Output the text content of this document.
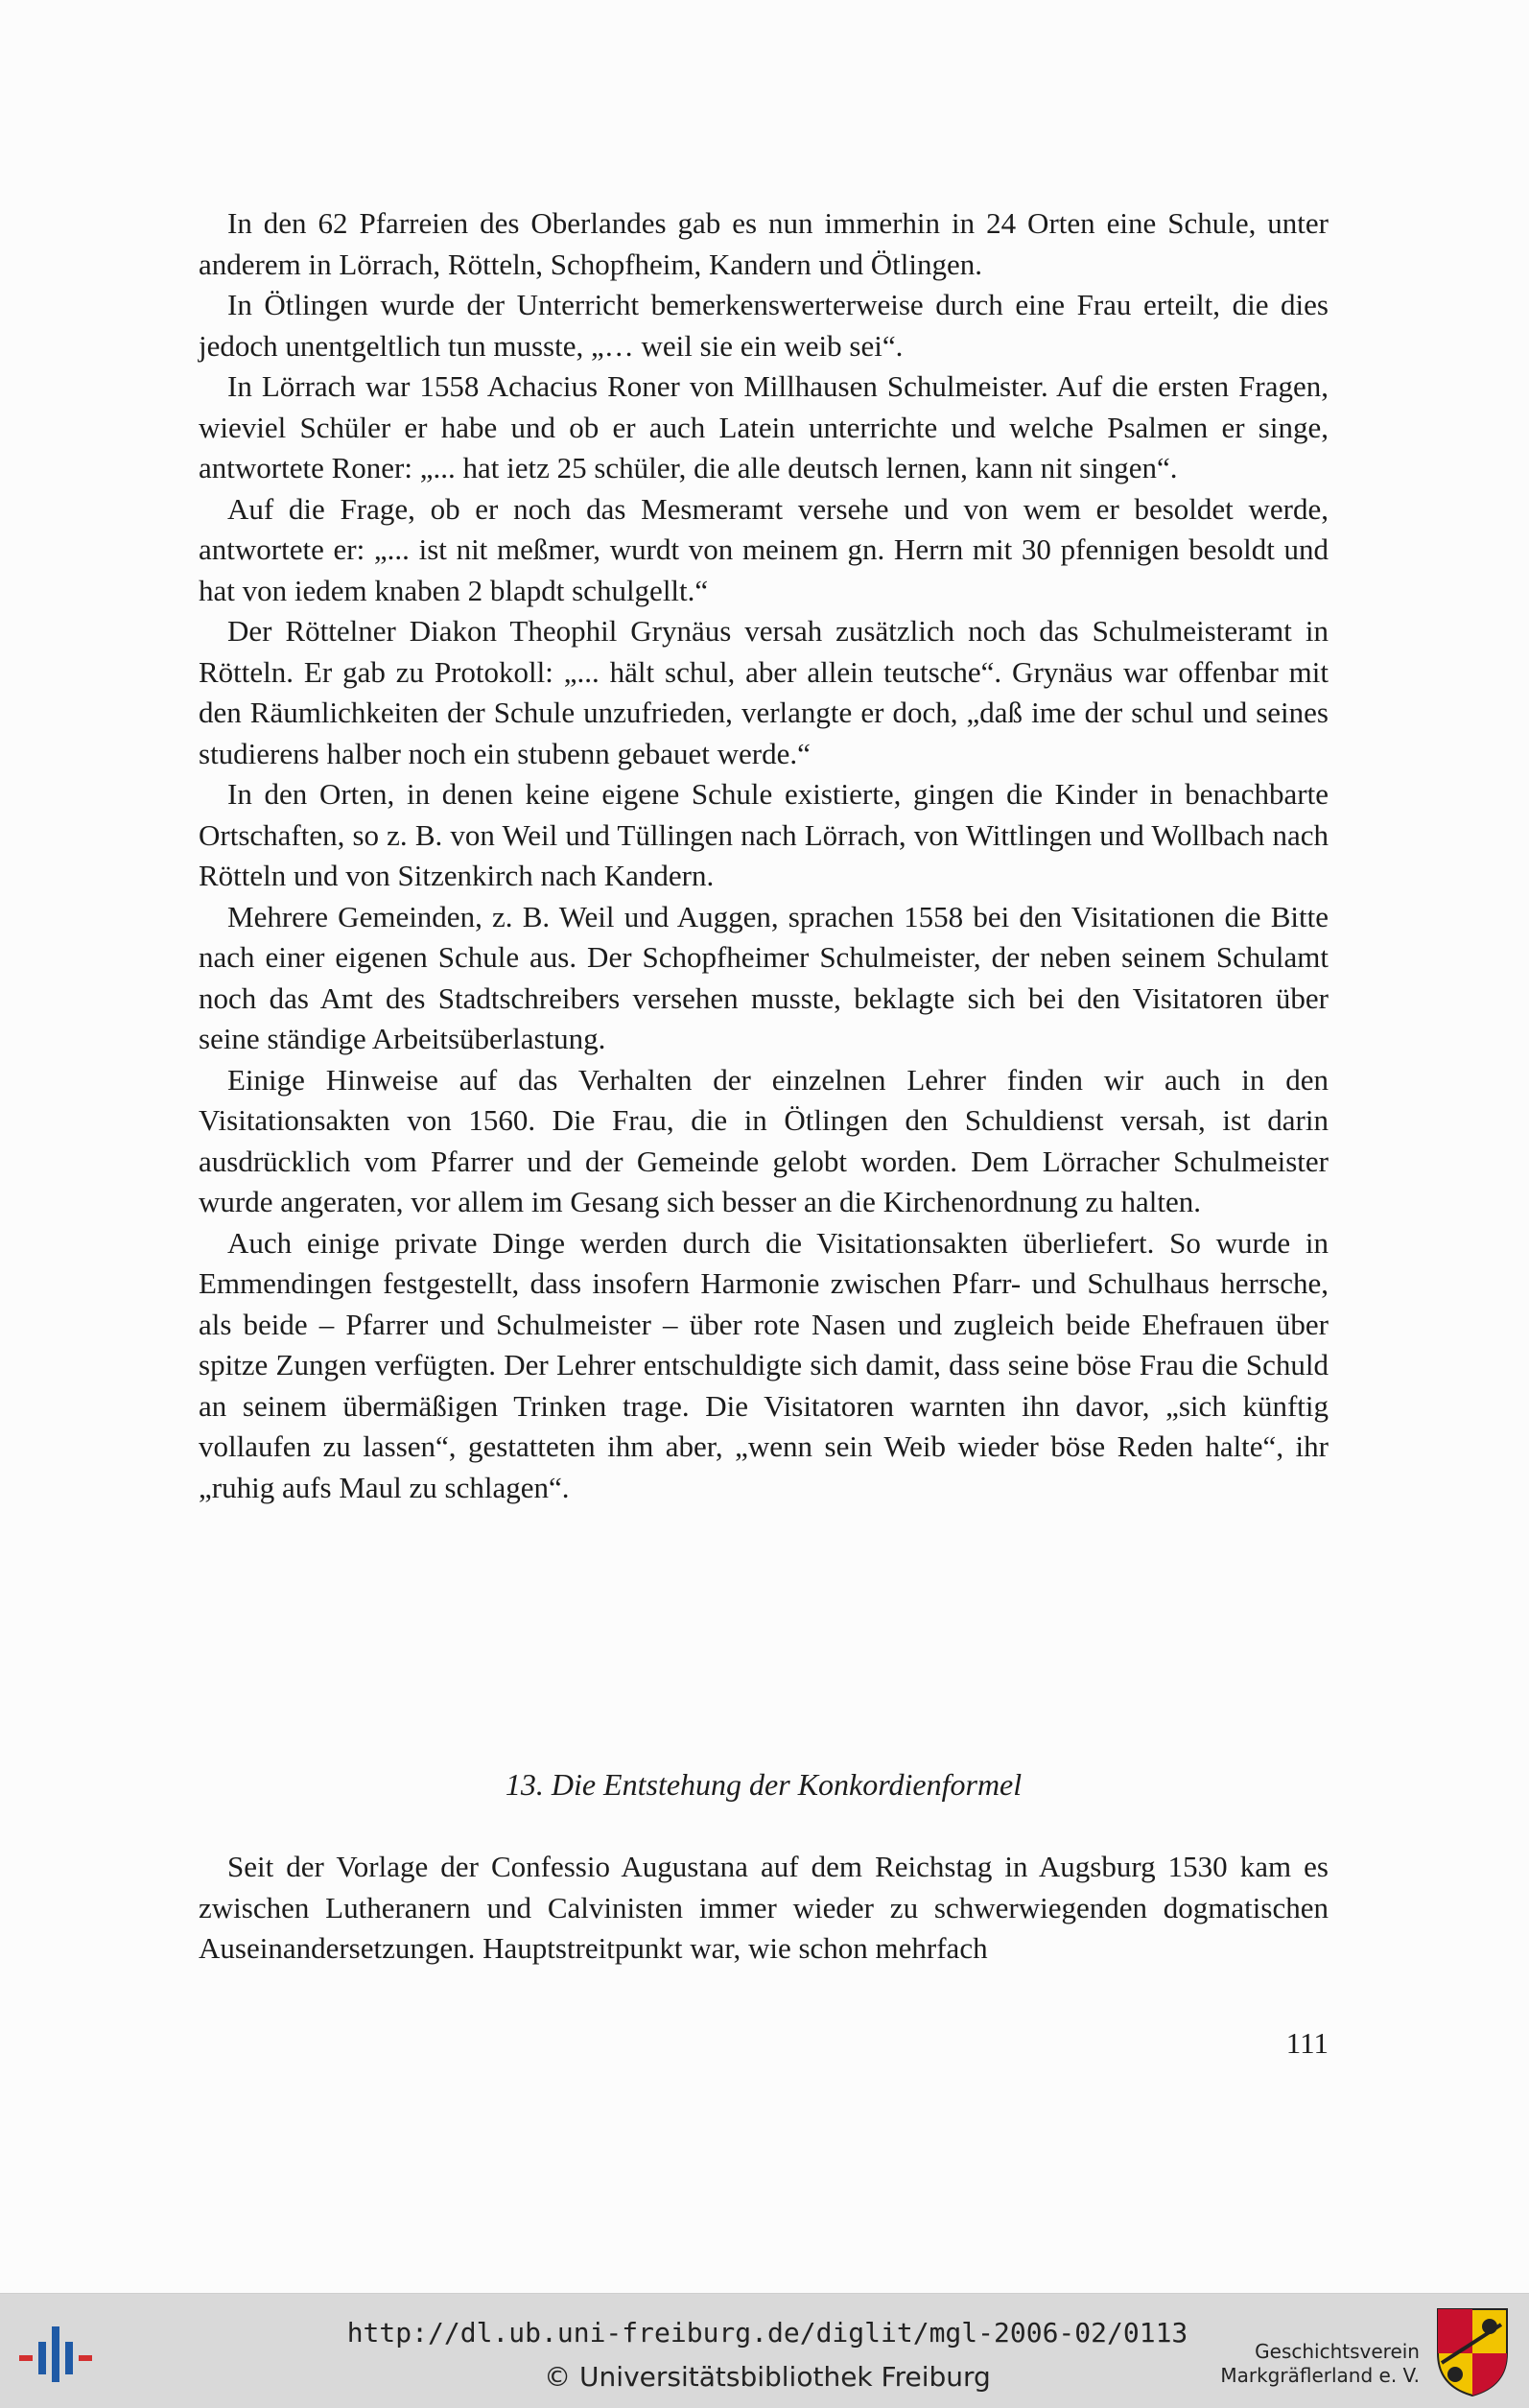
In den 62 Pfarreien des Oberlandes gab es nun immerhin in 24 Orten eine Schule, unter anderem in Lörrach, Rötteln, Schopfheim, Kandern und Ötlingen.

In Ötlingen wurde der Unterricht bemerkenswerterweise durch eine Frau erteilt, die dies jedoch unentgeltlich tun musste, „… weil sie ein weib sei“.

In Lörrach war 1558 Achacius Roner von Millhausen Schulmeister. Auf die ersten Fragen, wieviel Schüler er habe und ob er auch Latein unterrichte und welche Psalmen er singe, antwortete Roner: „... hat ietz 25 schüler, die alle deutsch lernen, kann nit singen“.

Auf die Frage, ob er noch das Mesmeramt versehe und von wem er besoldet werde, antwortete er: „... ist nit meßmer, wurdt von meinem gn. Herrn mit 30 pfennigen besoldt und hat von iedem knaben 2 blapdt schulgellt.“

Der Röttelner Diakon Theophil Grynäus versah zusätzlich noch das Schulmeisteramt in Rötteln. Er gab zu Protokoll: „... hält schul, aber allein teutsche“. Grynäus war offenbar mit den Räumlichkeiten der Schule unzufrieden, verlangte er doch, „daß ime der schul und seines studierens halber noch ein stubenn gebauet werde.“

In den Orten, in denen keine eigene Schule existierte, gingen die Kinder in benachbarte Ortschaften, so z. B. von Weil und Tüllingen nach Lörrach, von Wittlingen und Wollbach nach Rötteln und von Sitzenkirch nach Kandern.

Mehrere Gemeinden, z. B. Weil und Auggen, sprachen 1558 bei den Visitationen die Bitte nach einer eigenen Schule aus. Der Schopfheimer Schulmeister, der neben seinem Schulamt noch das Amt des Stadtschreibers versehen musste, beklagte sich bei den Visitatoren über seine ständige Arbeitsüberlastung.

Einige Hinweise auf das Verhalten der einzelnen Lehrer finden wir auch in den Visitationsakten von 1560. Die Frau, die in Ötlingen den Schuldienst versah, ist darin ausdrücklich vom Pfarrer und der Gemeinde gelobt worden. Dem Lörracher Schulmeister wurde angeraten, vor allem im Gesang sich besser an die Kirchenordnung zu halten.

Auch einige private Dinge werden durch die Visitationsakten überliefert. So wurde in Emmendingen festgestellt, dass insofern Harmonie zwischen Pfarr- und Schulhaus herrsche, als beide – Pfarrer und Schulmeister – über rote Nasen und zugleich beide Ehefrauen über spitze Zungen verfügten. Der Lehrer entschuldigte sich damit, dass seine böse Frau die Schuld an seinem übermäßigen Trinken trage. Die Visitatoren warnten ihn davor, „sich künftig vollaufen zu lassen“, gestatteten ihm aber, „wenn sein Weib wieder böse Reden halte“, ihr „ruhig aufs Maul zu schlagen“.

13. Die Entstehung der Konkordienformel

Seit der Vorlage der Confessio Augustana auf dem Reichstag in Augsburg 1530 kam es zwischen Lutheranern und Calvinisten immer wieder zu schwerwiegenden dogmatischen Auseinandersetzungen. Hauptstreitpunkt war, wie schon mehrfach

111
http://dl.ub.uni-freiburg.de/diglit/mgl-2006-02/0113
© Universitätsbibliothek Freiburg
Geschichtsverein
Markgräflerland e. V.
